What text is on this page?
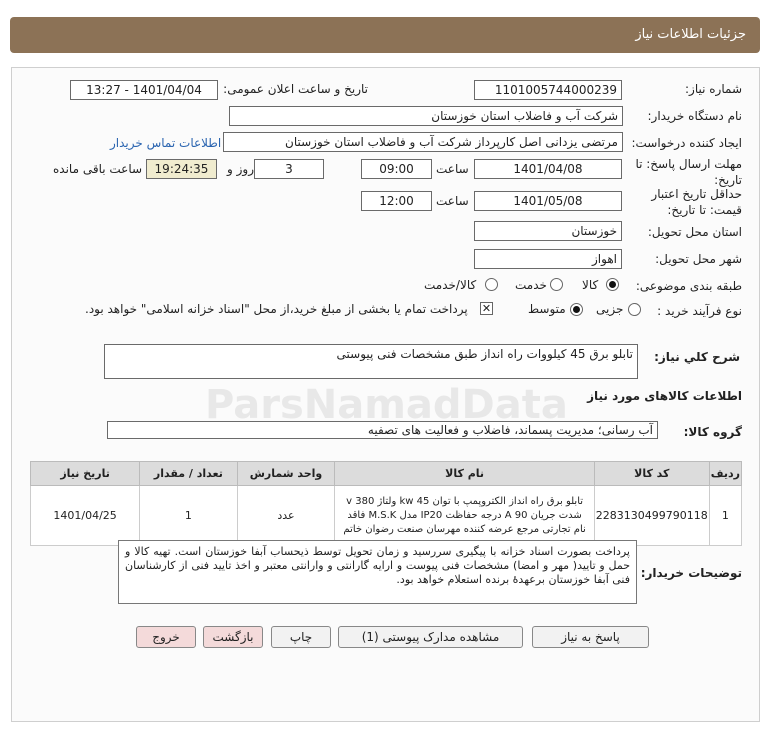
جزئیات اطلاعات نیاز
شماره نیاز:
1101005744000239
تاریخ و ساعت اعلان عمومی:
1401/04/04 - 13:27
نام دستگاه خریدار:
شرکت آب و فاضلاب استان خوزستان
ایجاد کننده درخواست:
مرتضی یزدانی اصل کارپرداز شرکت آب و فاضلاب استان خوزستان
اطلاعات تماس خریدار
مهلت ارسال پاسخ: تا
تاریخ:
1401/04/08
ساعت
09:00
3
روز و
19:24:35
ساعت باقی مانده
حداقل تاریخ اعتبار
قیمت: تا تاریخ:
1401/05/08
ساعت
12:00
استان محل تحویل:
خوزستان
شهر محل تحویل:
اهواز
طبقه بندی موضوعی:
کالا
خدمت
کالا/خدمت
نوع فرآیند خرید :
جزیی
متوسط
✕
پرداخت تمام یا بخشی از مبلغ خرید،از محل "اسناد خزانه اسلامی" خواهد بود.
شرح کلي نياز:
تابلو برق 45 کیلووات راه انداز طبق مشخصات فنی پیوستی
اطلاعات کالاهای مورد نیاز
گروه کالا:
آب رسانی؛ مدیریت پسماند، فاضلاب و فعالیت های تصفیه
ردیف	کد کالا	نام کالا	واحد شمارش	تعداد / مقدار	تاریخ نیاز
1	2283130499790118	تابلو برق راه انداز الکتروپمپ با توان 45 kw ولتاژ 380 v شدت جریان 90 A درجه حفاظت IP20 مدل M.S.K فاقد نام تجارتی مرجع عرضه کننده مهرسان صنعت رضوان خاتم	عدد	1	1401/04/25
توضیحات خریدار:
پرداخت بصورت اسناد خزانه با پیگیری سررسید و زمان تحویل توسط ذیحساب آبفا خوزستان است. تهیه کالا و حمل و تایید( مهر و امضا) مشخصات فنی پیوست و ارایه گارانتی و وارانتی معتبر و اخذ تایید فنی از کارشناسان فنی آبفا خوزستان برعهدهٔ برنده استعلام خواهد بود.
پاسخ به نیاز
مشاهده مدارک پیوستی (1)
چاپ
بازگشت
خروج
